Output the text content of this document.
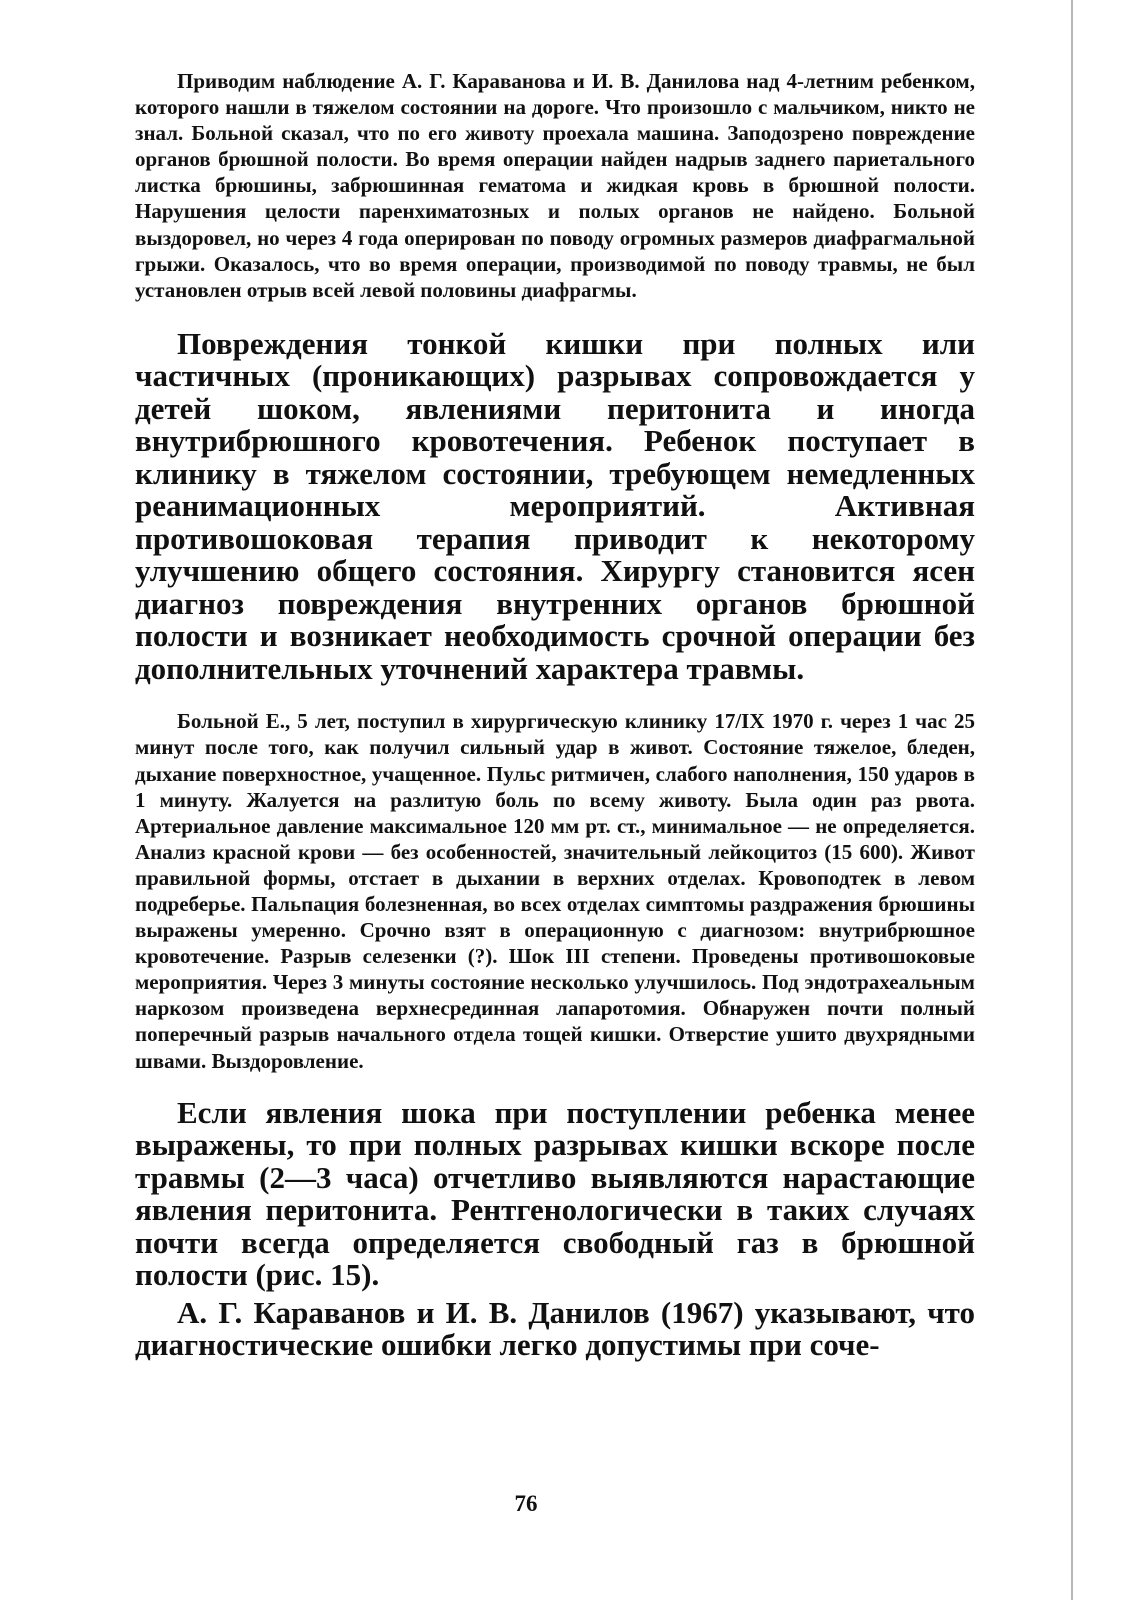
Приводим наблюдение А. Г. Караванова и И. В. Данилова над 4-летним ребенком, которого нашли в тяжелом состоянии на дороге. Что произошло с мальчиком, никто не знал. Больной сказал, что по его животу проехала машина. Заподозрено повреждение органов брюшной полости. Во время операции найден надрыв заднего париетального листка брюшины, забрюшинная гематома и жидкая кровь в брюшной полости. Нарушения целости паренхиматозных и полых органов не найдено. Больной выздоровел, но через 4 года оперирован по поводу огромных размеров диафрагмальной грыжи. Оказалось, что во время операции, производимой по поводу травмы, не был установлен отрыв всей левой половины диафрагмы.

Повреждения тонкой кишки при полных или частичных (проникающих) разрывах сопровождается у детей шоком, явлениями перитонита и иногда внутрибрюшного кровотечения. Ребенок поступает в клинику в тяжелом состоянии, требующем немедленных реанимационных мероприятий. Активная противошоковая терапия приводит к некоторому улучшению общего состояния. Хирургу становится ясен диагноз повреждения внутренних органов брюшной полости и возникает необходимость срочной операции без дополнительных уточнений характера травмы.

Больной Е., 5 лет, поступил в хирургическую клинику 17/IX 1970 г. через 1 час 25 минут после того, как получил сильный удар в живот. Состояние тяжелое, бледен, дыхание поверхностное, учащенное. Пульс ритмичен, слабого наполнения, 150 ударов в 1 минуту. Жалуется на разлитую боль по всему животу. Была один раз рвота. Артериальное давление максимальное 120 мм рт. ст., минимальное — не определяется. Анализ красной крови — без особенностей, значительный лейкоцитоз (15 600). Живот правильной формы, отстает в дыхании в верхних отделах. Кровоподтек в левом подреберье. Пальпация болезненная, во всех отделах симптомы раздражения брюшины выражены умеренно. Срочно взят в операционную с диагнозом: внутрибрюшное кровотечение. Разрыв селезенки (?). Шок III степени. Проведены противошоковые мероприятия. Через 3 минуты состояние несколько улучшилось. Под эндотрахеальным наркозом произведена верхнесрединная лапаротомия. Обнаружен почти полный поперечный разрыв начального отдела тощей кишки. Отверстие ушито двухрядными швами. Выздоровление.

Если явления шока при поступлении ребенка менее выражены, то при полных разрывах кишки вскоре после травмы (2—3 часа) отчетливо выявляются нарастающие явления перитонита. Рентгенологически в таких случаях почти всегда определяется свободный газ в брюшной полости (рис. 15).

А. Г. Караванов и И. В. Данилов (1967) указывают, что диагностические ошибки легко допустимы при соче-

76
